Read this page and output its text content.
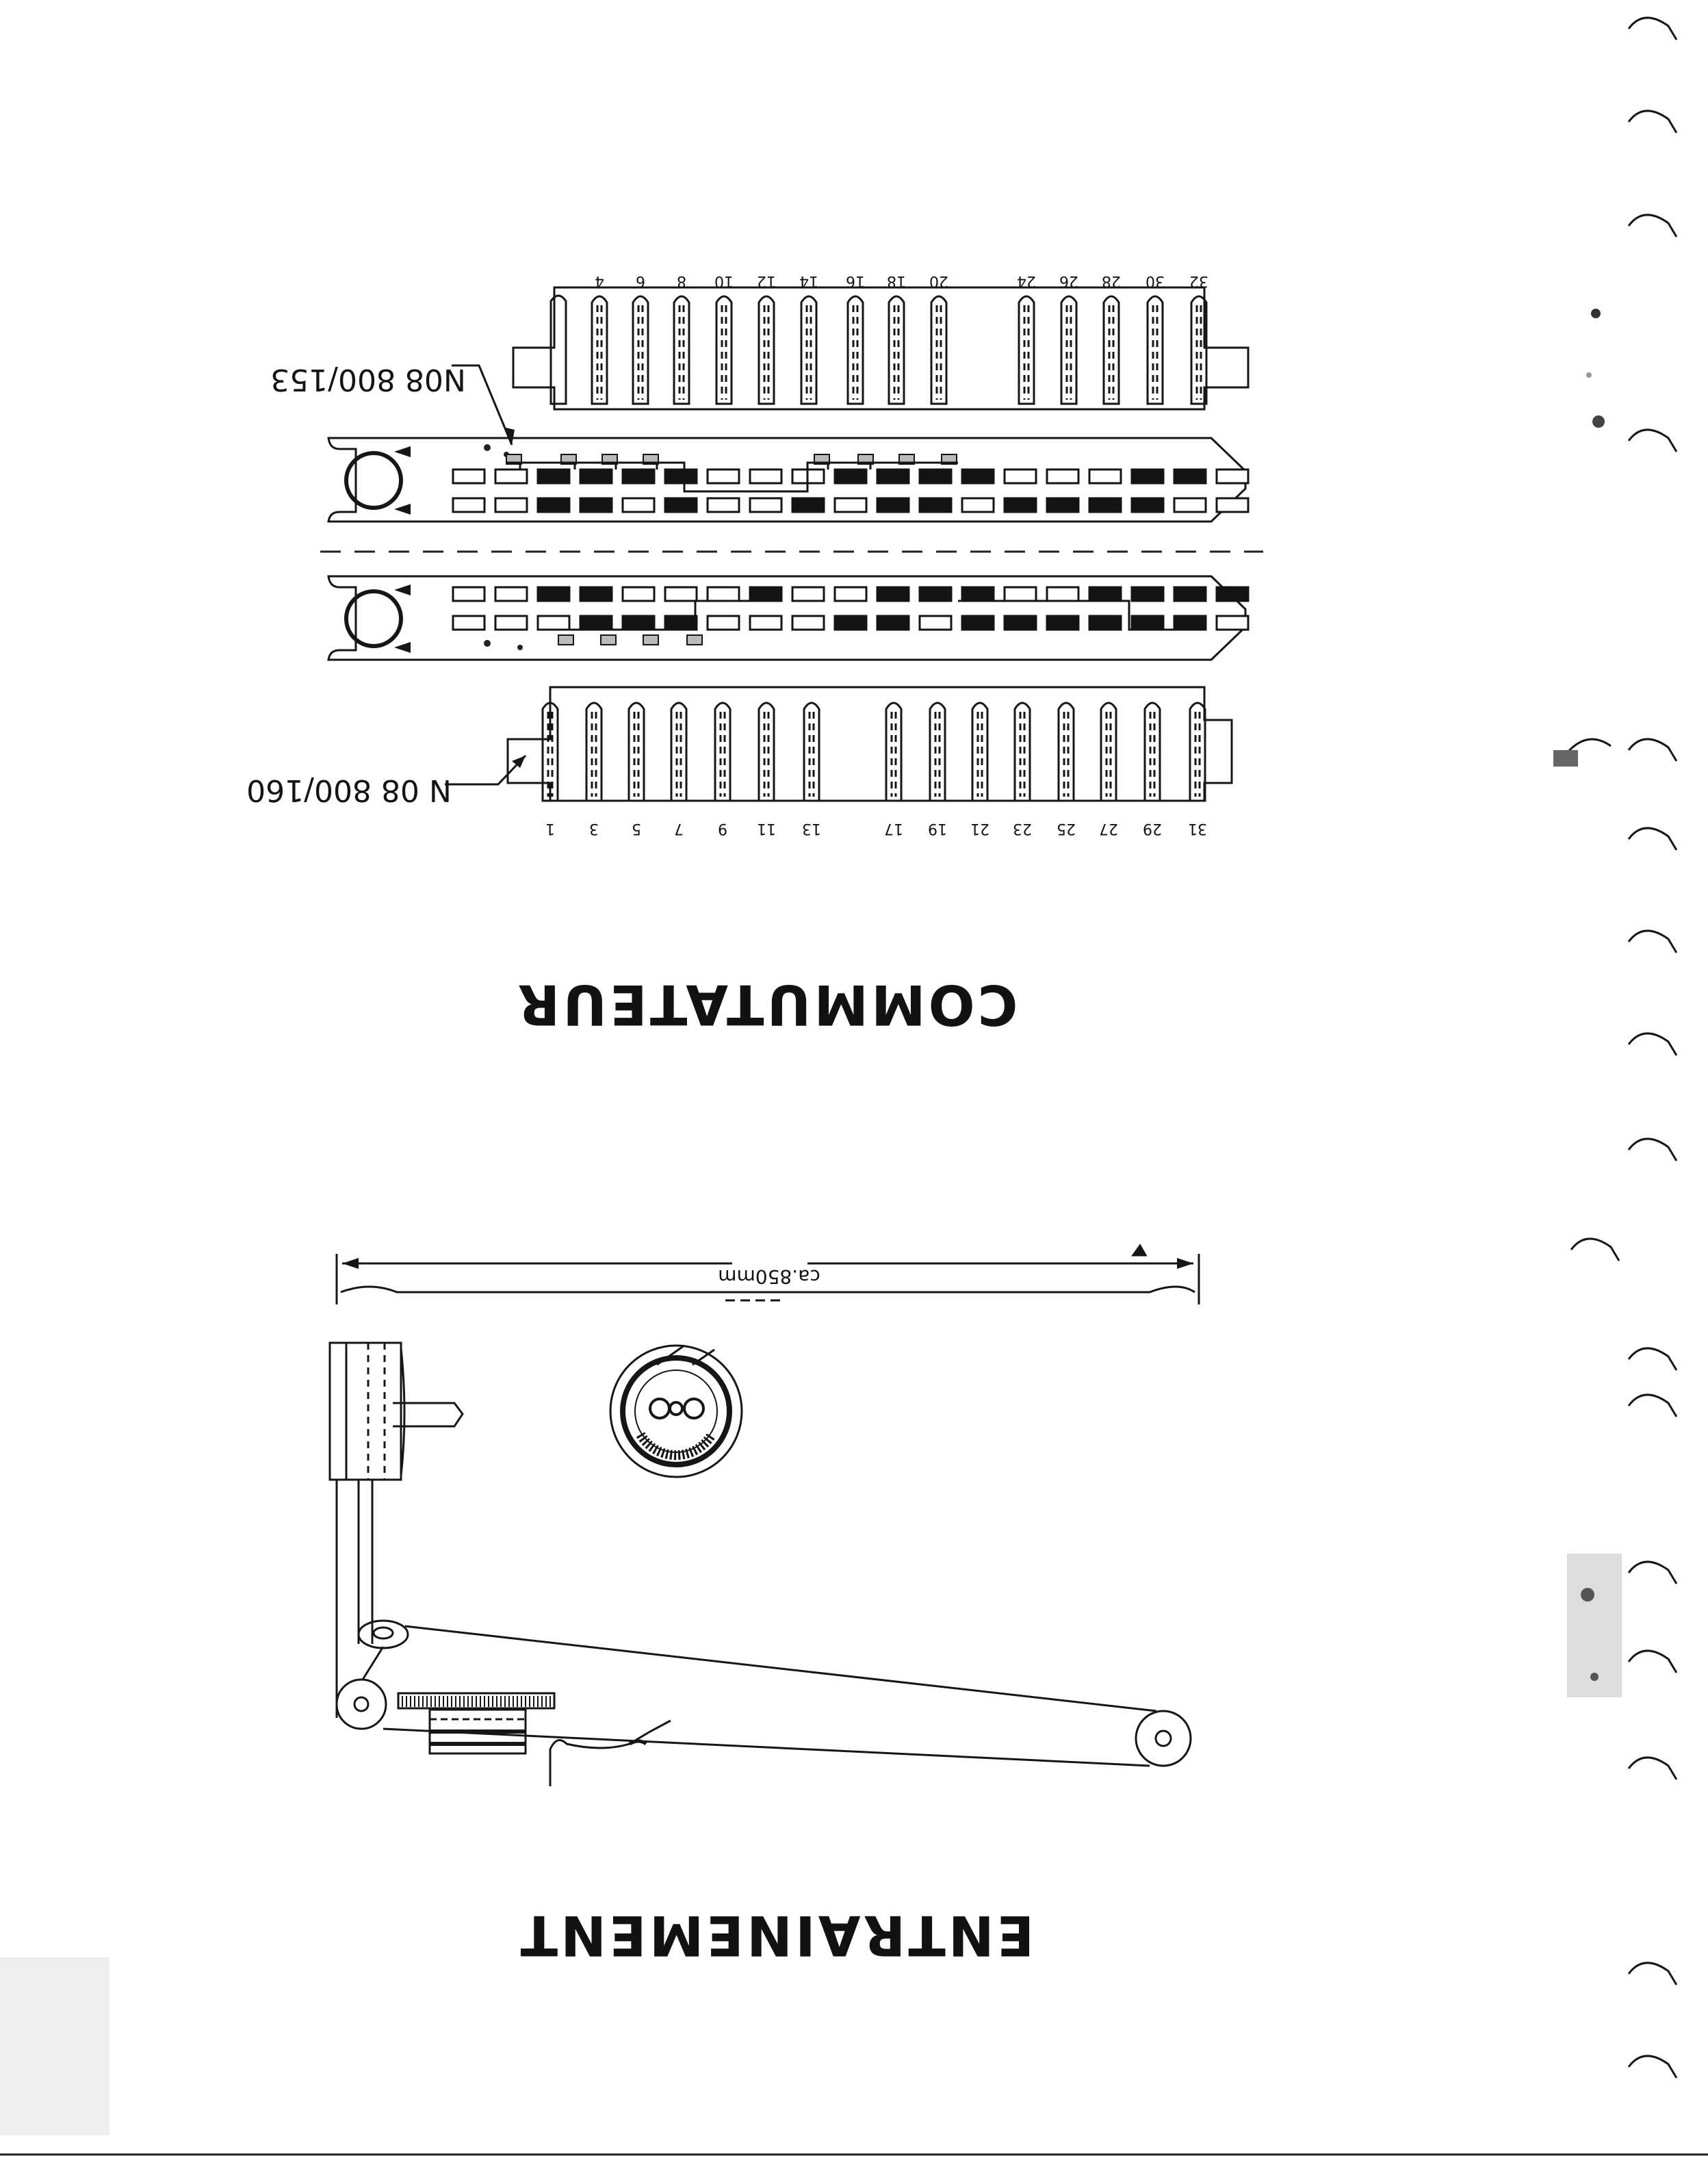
4 6 8 10 12 14 16 18 20	24 26 28 30 32
N08 800/153
1 3 5 7 9 11 13	17 19 21 23 25 27 29 31
N 08 800/160
COMMUTATEUR
ca.850mm
ENTRAINEMENT
